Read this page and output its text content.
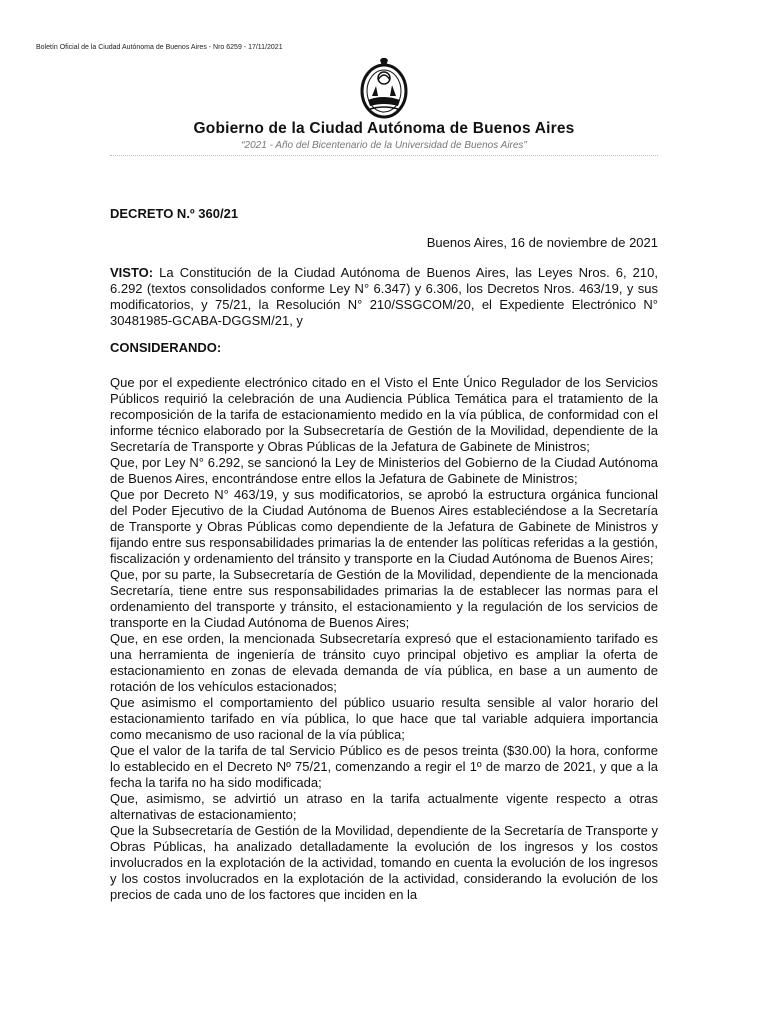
Boletín Oficial de la Ciudad Autónoma de Buenos Aires - Nro 6259 - 17/11/2021
Gobierno de la Ciudad Autónoma de Buenos Aires
“2021 - Año del Bicentenario de la Universidad de Buenos Aires”
DECRETO N.º 360/21
Buenos Aires, 16 de noviembre de 2021

VISTO: La Constitución de la Ciudad Autónoma de Buenos Aires, las Leyes Nros. 6, 210, 6.292 (textos consolidados conforme Ley N° 6.347) y 6.306, los Decretos Nros. 463/19, y sus modificatorios, y 75/21, la Resolución N° 210/SSGCOM/20, el Expediente Electrónico N° 30481985-GCABA-DGGSM/21, y

CONSIDERANDO:

Que por el expediente electrónico citado en el Visto el Ente Único Regulador de los Servicios Públicos requirió la celebración de una Audiencia Pública Temática para el tratamiento de la recomposición de la tarifa de estacionamiento medido en la vía pública, de conformidad con el informe técnico elaborado por la Subsecretaría de Gestión de la Movilidad, dependiente de la Secretaría de Transporte y Obras Públicas de la Jefatura de Gabinete de Ministros;

Que, por Ley N° 6.292, se sancionó la Ley de Ministerios del Gobierno de la Ciudad Autónoma de Buenos Aires, encontrándose entre ellos la Jefatura de Gabinete de Ministros;

Que por Decreto N° 463/19, y sus modificatorios, se aprobó la estructura orgánica funcional del Poder Ejecutivo de la Ciudad Autónoma de Buenos Aires estableciéndose a la Secretaría de Transporte y Obras Públicas como dependiente de la Jefatura de Gabinete de Ministros y fijando entre sus responsabilidades primarias la de entender las políticas referidas a la gestión, fiscalización y ordenamiento del tránsito y transporte en la Ciudad Autónoma de Buenos Aires;

Que, por su parte, la Subsecretaría de Gestión de la Movilidad, dependiente de la mencionada Secretaría, tiene entre sus responsabilidades primarias la de establecer las normas para el ordenamiento del transporte y tránsito, el estacionamiento y la regulación de los servicios de transporte en la Ciudad Autónoma de Buenos Aires;

Que, en ese orden, la mencionada Subsecretaría expresó que el estacionamiento tarifado es una herramienta de ingeniería de tránsito cuyo principal objetivo es ampliar la oferta de estacionamiento en zonas de elevada demanda de vía pública, en base a un aumento de rotación de los vehículos estacionados;

Que asimismo el comportamiento del público usuario resulta sensible al valor horario del estacionamiento tarifado en vía pública, lo que hace que tal variable adquiera importancia como mecanismo de uso racional de la vía pública;

Que el valor de la tarifa de tal Servicio Público es de pesos treinta ($30.00) la hora, conforme lo establecido en el Decreto Nº 75/21, comenzando a regir el 1º de marzo de 2021, y que a la fecha la tarifa no ha sido modificada;

Que, asimismo, se advirtió un atraso en la tarifa actualmente vigente respecto a otras alternativas de estacionamiento;

Que la Subsecretaría de Gestión de la Movilidad, dependiente de la Secretaría de Transporte y Obras Públicas, ha analizado detalladamente la evolución de los ingresos y los costos involucrados en la explotación de la actividad, tomando en cuenta la evolución de los ingresos y los costos involucrados en la explotación de la actividad, considerando la evolución de los precios de cada uno de los factores que inciden en la
